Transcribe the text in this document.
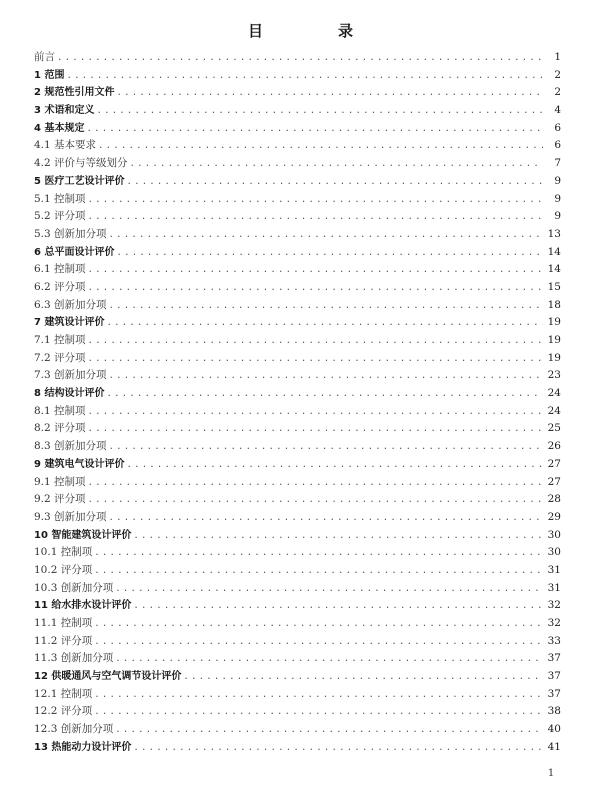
目　录
前言 .....	1
1 范围 .....	2
2 规范性引用文件 .....	2
3 术语和定义 .....	4
4 基本规定 .....	6
4.1 基本要求 .....	6
4.2 评价与等级划分 .....	7
5 医疗工艺设计评价 .....	9
5.1 控制项 .....	9
5.2 评分项 .....	9
5.3 创新加分项 .....	13
6 总平面设计评价 .....	14
6.1 控制项 .....	14
6.2 评分项 .....	15
6.3 创新加分项 .....	18
7 建筑设计评价 .....	19
7.1 控制项 .....	19
7.2 评分项 .....	19
7.3 创新加分项 .....	23
8 结构设计评价 .....	24
8.1 控制项 .....	24
8.2 评分项 .....	25
8.3 创新加分项 .....	26
9 建筑电气设计评价 .....	27
9.1 控制项 .....	27
9.2 评分项 .....	28
9.3 创新加分项 .....	29
10 智能建筑设计评价 .....	30
10.1 控制项 .....	30
10.2 评分项 .....	31
10.3 创新加分项 .....	31
11 给水排水设计评价 .....	32
11.1 控制项 .....	32
11.2 评分项 .....	33
11.3 创新加分项 .....	37
12 供暖通风与空气调节设计评价 .....	37
12.1 控制项 .....	37
12.2 评分项 .....	38
12.3 创新加分项 .....	40
13 热能动力设计评价 .....	41
1
